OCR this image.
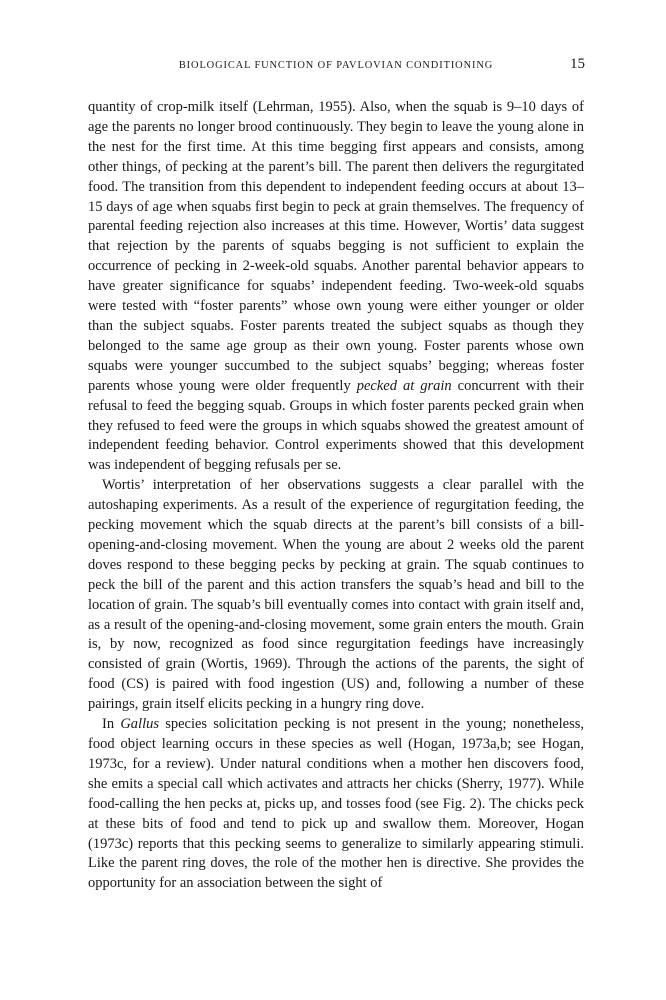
BIOLOGICAL FUNCTION OF PAVLOVIAN CONDITIONING	15

quantity of crop-milk itself (Lehrman, 1955). Also, when the squab is 9–10 days of age the parents no longer brood continuously. They begin to leave the young alone in the nest for the first time. At this time begging first appears and consists, among other things, of pecking at the parent’s bill. The parent then delivers the regurgitated food. The transition from this dependent to independent feeding occurs at about 13–15 days of age when squabs first begin to peck at grain themselves. The frequency of parental feeding rejection also increases at this time. However, Wortis’ data suggest that rejection by the parents of squabs begging is not sufficient to explain the occurrence of pecking in 2-week-old squabs. Another parental behavior appears to have greater significance for squabs’ independent feeding. Two-week-old squabs were tested with “foster parents” whose own young were either younger or older than the subject squabs. Foster parents treated the subject squabs as though they belonged to the same age group as their own young. Foster parents whose own squabs were younger succumbed to the subject squabs’ begging; whereas foster parents whose young were older frequently pecked at grain concurrent with their refusal to feed the begging squab. Groups in which foster parents pecked grain when they refused to feed were the groups in which squabs showed the greatest amount of independent feeding behavior. Control experiments showed that this development was independent of begging refusals per se.

Wortis’ interpretation of her observations suggests a clear parallel with the autoshaping experiments. As a result of the experience of regurgitation feeding, the pecking movement which the squab directs at the parent’s bill consists of a bill-opening-and-closing movement. When the young are about 2 weeks old the parent doves respond to these begging pecks by pecking at grain. The squab continues to peck the bill of the parent and this action transfers the squab’s head and bill to the location of grain. The squab’s bill eventually comes into contact with grain itself and, as a result of the opening-and-closing movement, some grain enters the mouth. Grain is, by now, recognized as food since regurgitation feedings have increasingly consisted of grain (Wortis, 1969). Through the actions of the parents, the sight of food (CS) is paired with food ingestion (US) and, following a number of these pairings, grain itself elicits pecking in a hungry ring dove.

In Gallus species solicitation pecking is not present in the young; nonetheless, food object learning occurs in these species as well (Hogan, 1973a,b; see Hogan, 1973c, for a review). Under natural conditions when a mother hen discovers food, she emits a special call which activates and attracts her chicks (Sherry, 1977). While food-calling the hen pecks at, picks up, and tosses food (see Fig. 2). The chicks peck at these bits of food and tend to pick up and swallow them. Moreover, Hogan (1973c) reports that this pecking seems to generalize to similarly appearing stimuli. Like the parent ring doves, the role of the mother hen is directive. She provides the opportunity for an association between the sight of
